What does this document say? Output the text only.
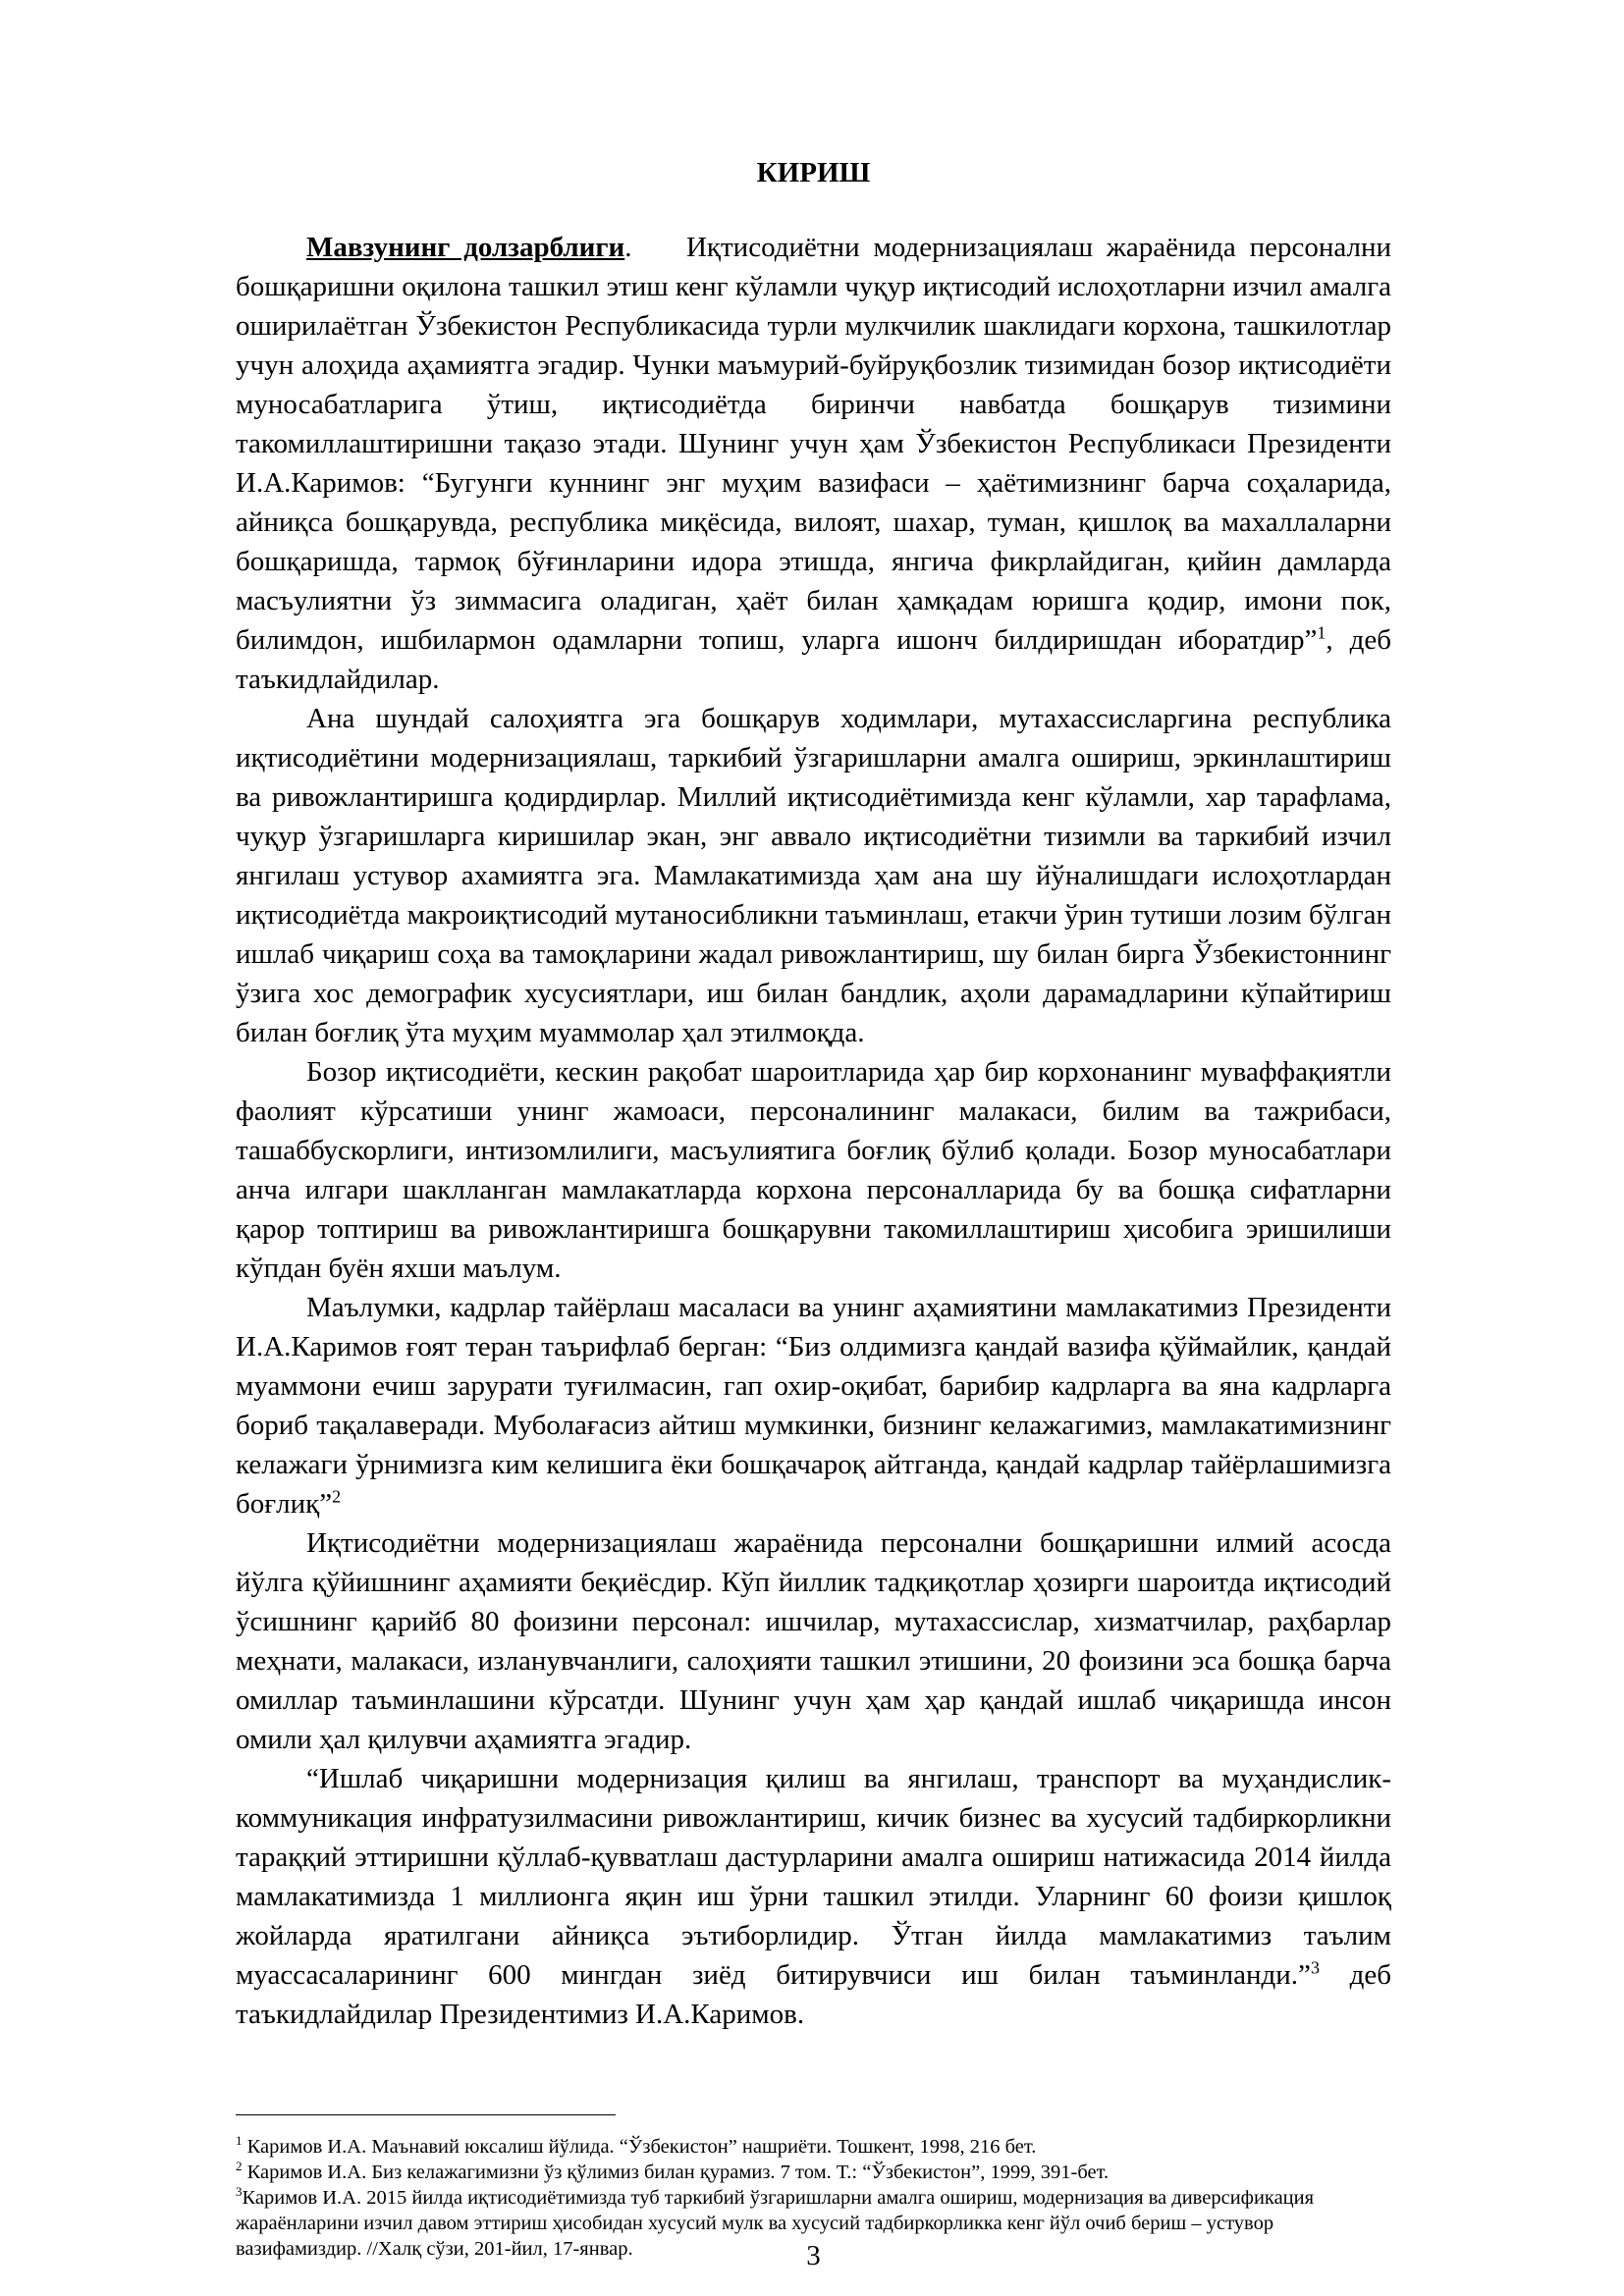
КИРИШ

Мавзунинг долзарблиги.    Иқтисодиётни модернизациялаш жараёнида персонални бошқаришни оқилона ташкил этиш кенг кўламли чуқур иқтисодий ислоҳотларни изчил амалга оширилаётган Ўзбекистон Республикасида турли мулкчилик шаклидаги корхона, ташкилотлар учун алоҳида аҳамиятга эгадир. Чунки маъмурий-буйруқбозлик тизимидан бозор иқтисодиёти муносабатларига ўтиш, иқтисодиётда биринчи навбатда бошқарув тизимини такомиллаштиришни тақазо этади. Шунинг учун ҳам Ўзбекистон Республикаси Президенти   И.А.Каримов: “Бугунги куннинг энг муҳим вазифаси – ҳаётимизнинг барча соҳаларида, айниқса бошқарувда, республика миқёсида, вилоят, шахар, туман, қишлоқ ва махаллаларни бошқаришда, тармоқ бўғинларини идора этишда, янгича фикрлайдиган, қийин дамларда масъулиятни ўз зиммасига оладиган, ҳаёт билан ҳамқадам юришга қодир, имони пок, билимдон, ишбилармон одамларни топиш, уларга ишонч билдиришдан иборатдир”$^1$, деб таъкидлайдилар.

Ана шундай салоҳиятга эга бошқарув ходимлари, мутахассисларгина республика иқтисодиётини модернизациялаш, таркибий ўзгаришларни амалга ошириш, эркинлаштириш ва ривожлантиришга қодирдирлар. Миллий иқтисодиётимизда кенг кўламли, хар тарафлама, чуқур ўзгаришларга киришилар экан, энг аввало иқтисодиётни тизимли ва таркибий изчил янгилаш устувор ахамиятга эга. Мамлакатимизда ҳам ана шу йўналишдаги ислоҳотлардан иқтисодиётда макроиқтисодий мутаносибликни таъминлаш, етакчи ўрин тутиши лозим бўлган ишлаб чиқариш соҳа ва тамоқларини жадал ривожлантириш, шу билан бирга Ўзбекистоннинг ўзига хос демографик хусусиятлари, иш билан бандлик, аҳоли дарамадларини кўпайтириш билан боғлиқ ўта муҳим муаммолар ҳал этилмоқда.

Бозор иқтисодиёти, кескин рақобат шароитларида ҳар бир корхонанинг муваффақиятли фаолият кўрсатиши унинг жамоаси, персоналининг малакаси, билим ва тажрибаси, ташаббускорлиги, интизомлилиги, масъулиятига боғлиқ бўлиб қолади. Бозор муносабатлари анча илгари шаклланган мамлакатларда корхона персоналларида бу ва бошқа сифатларни қарор топтириш ва ривожлантиришга бошқарувни такомиллаштириш ҳисобига эришилиши кўпдан буён яхши маълум.

Маълумки, кадрлар тайёрлаш масаласи ва унинг аҳамиятини мамлакатимиз Президенти И.А.Каримов ғоят теран таърифлаб берган: “Биз олдимизга қандай вазифа қўймайлик, қандай муаммони ечиш зарурати туғилмасин, гап охир-оқибат, барибир кадрларга ва яна кадрларга бориб тақалаверади. Муболағасиз айтиш мумкинки, бизнинг келажагимиз, мамлакатимизнинг келажаги ўрнимизга ким келишига ёки бошқачароқ айтганда, қандай кадрлар тайёрлашимизга боғлиқ”$^2$

Иқтисодиётни модернизациялаш жараёнида персонални бошқаришни илмий асосда йўлга қўйишнинг аҳамияти беқиёсдир. Кўп йиллик тадқиқотлар ҳозирги шароитда иқтисодий ўсишнинг қарийб 80 фоизини персонал: ишчилар, мутахассислар, хизматчилар, раҳбарлар меҳнати, малакаси, изланувчанлиги, салоҳияти ташкил этишини, 20 фоизини эса бошқа барча омиллар таъминлашини кўрсатди. Шунинг учун ҳам ҳар қандай ишлаб чиқаришда инсон омили ҳал қилувчи аҳамиятга эгадир.

“Ишлаб чиқаришни модернизация қилиш ва янгилаш, транспорт ва муҳандислик-коммуникация инфратузилмасини ривожлантириш, кичик бизнес ва хусусий тадбиркорликни тараққий эттиришни қўллаб-қувватлаш дастурларини амалга ошириш натижасида 2014 йилда мамлакатимизда 1 миллионга яқин иш ўрни ташкил этилди. Уларнинг 60 фоизи қишлоқ жойларда яратилгани айниқса эътиборлидир. Ўтган йилда мамлакатимиз таълим муассасаларининг 600 мингдан зиёд битирувчиси иш билан таъминланди.”$^3$ деб таъкидлайдилар Президентимиз И.А.Каримов.

$^1$ Каримов И.А. Маънавий юксалиш йўлида. “Ўзбекистон” нашриёти. Тошкент, 1998, 216 бет.

$^2$ Каримов И.А. Биз келажагимизни ўз қўлимиз билан қурамиз. 7 том. Т.: “Ўзбекистон”, 1999, 391-бет.

$^3$Каримов И.А. 2015 йилда иқтисодиётимизда туб таркибий ўзгаришларни амалга ошириш, модернизация ва диверсификация жараёнларини изчил давом эттириш ҳисобидан хусусий мулк ва хусусий тадбиркорликка кенг йўл очиб бериш – устувор вазифамиздир. //Халқ сўзи, 201-йил, 17-январ.	3
